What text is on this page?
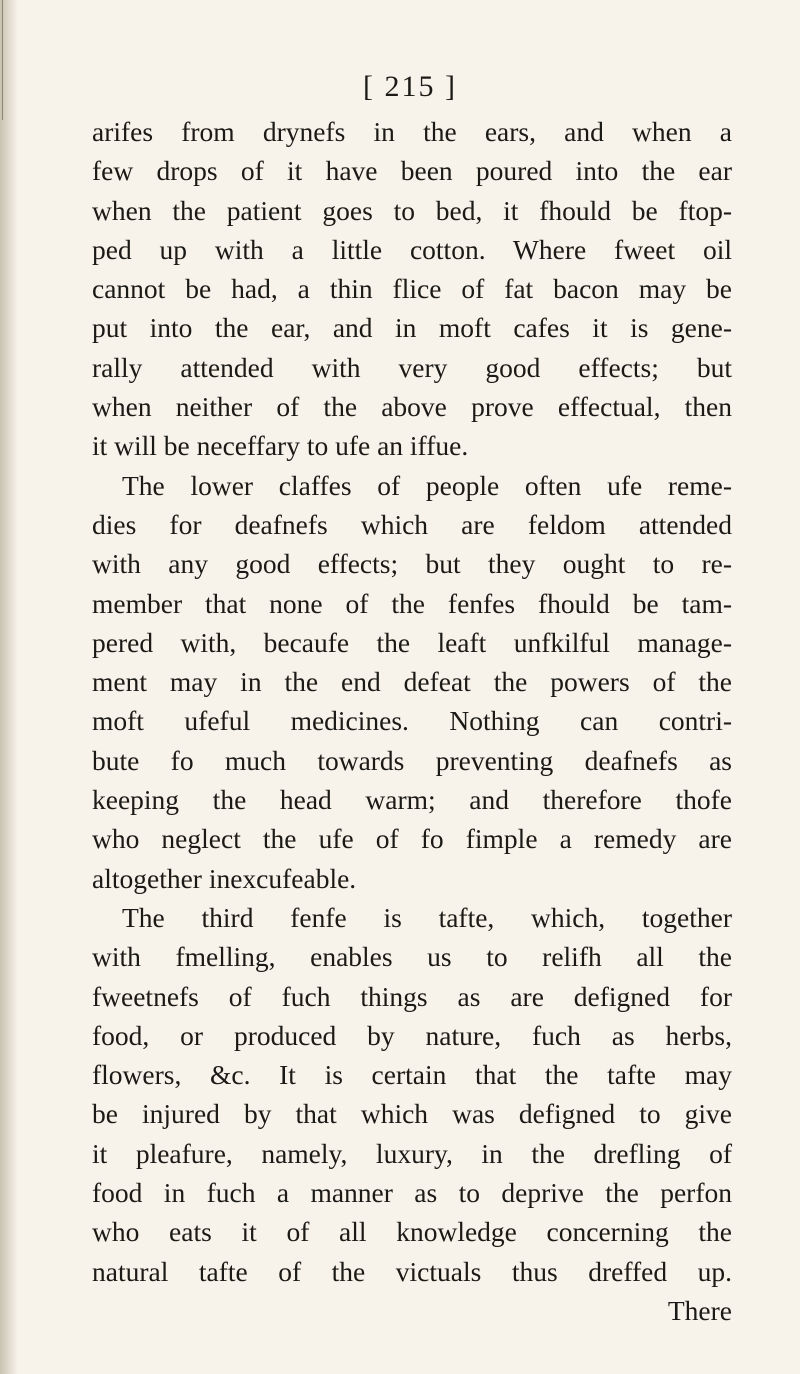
[ 215 ]
arifes from drynefs in the ears, and when a
few drops of it have been poured into the ear
when the patient goes to bed, it fhould be ftop-
ped up with a little cotton. Where fweet oil
cannot be had, a thin flice of fat bacon may be
put into the ear, and in moft cafes it is gene-
rally attended with very good effects; but
when neither of the above prove effectual, then
it will be neceffary to ufe an iffue.
The lower claffes of people often ufe reme-
dies for deafnefs which are feldom attended
with any good effects; but they ought to re-
member that none of the fenfes fhould be tam-
pered with, becaufe the leaft unfkilful manage-
ment may in the end defeat the powers of the
moft ufeful medicines. Nothing can contri-
bute fo much towards preventing deafnefs as
keeping the head warm; and therefore thofe
who neglect the ufe of fo fimple a remedy are
altogether inexcufeable.
The third fenfe is tafte, which, together
with fmelling, enables us to relifh all the
fweetnefs of fuch things as are defigned for
food, or produced by nature, fuch as herbs,
flowers, &c. It is certain that the tafte may
be injured by that which was defigned to give
it pleafure, namely, luxury, in the drefling of
food in fuch a manner as to deprive the perfon
who eats it of all knowledge concerning the
natural tafte of the victuals thus dreffed up.
There
